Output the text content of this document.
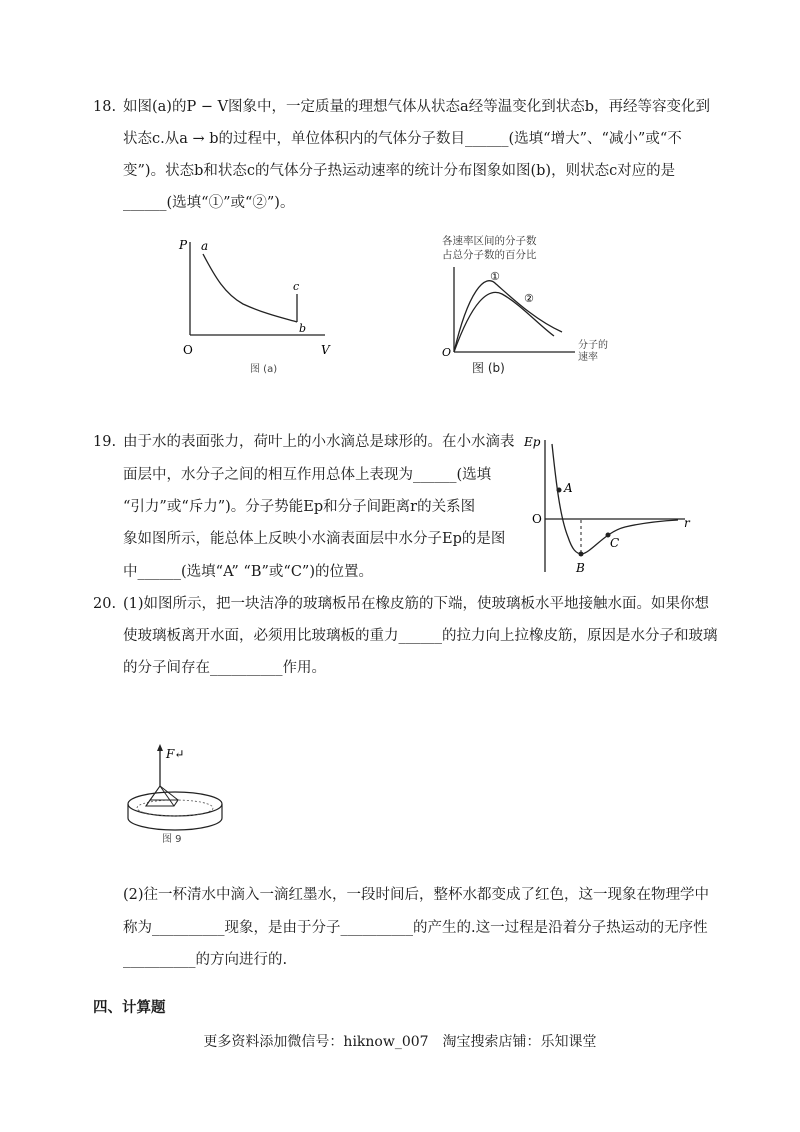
18. 如图(a)的P − V图象中，一定质量的理想气体从状态a经等温变化到状态b，再经等容变化到
状态c.从a → b的过程中，单位体积内的气体分子数目______(选填“增大”、“减小”或“不
变”)。状态b和状态c的气体分子热运动速率的统计分布图象如图(b)，则状态c对应的是
______(选填“①”或“②”)。
P a
c
b
O	V
图 (a)
各速率区间的分子数
占总分子数的百分比
①
②
O
分子的
速率
图 (b)
19. 由于水的表面张力，荷叶上的小水滴总是球形的。在小水滴表
面层中，水分子之间的相互作用总体上表现为______(选填
“引力”或“斥力”)。分子势能Ep和分子间距离r的关系图
象如图所示，能总体上反映小水滴表面层中水分子Ep的是图
中______(选填“A” “B”或“C”)的位置。
Ep
A
O	r
B
C
20. (1)如图所示，把一块洁净的玻璃板吊在橡皮筋的下端，使玻璃板水平地接触水面。如果你想
使玻璃板离开水面，必须用比玻璃板的重力______的拉力向上拉橡皮筋，原因是水分子和玻璃
的分子间存在__________作用。
F↵
图 9
(2)往一杯清水中滴入一滴红墨水，一段时间后，整杯水都变成了红色，这一现象在物理学中
称为__________现象，是由于分子__________的产生的.这一过程是沿着分子热运动的无序性
__________的方向进行的.
四、计算题
更多资料添加微信号：hiknow_007　淘宝搜索店铺：乐知课堂
